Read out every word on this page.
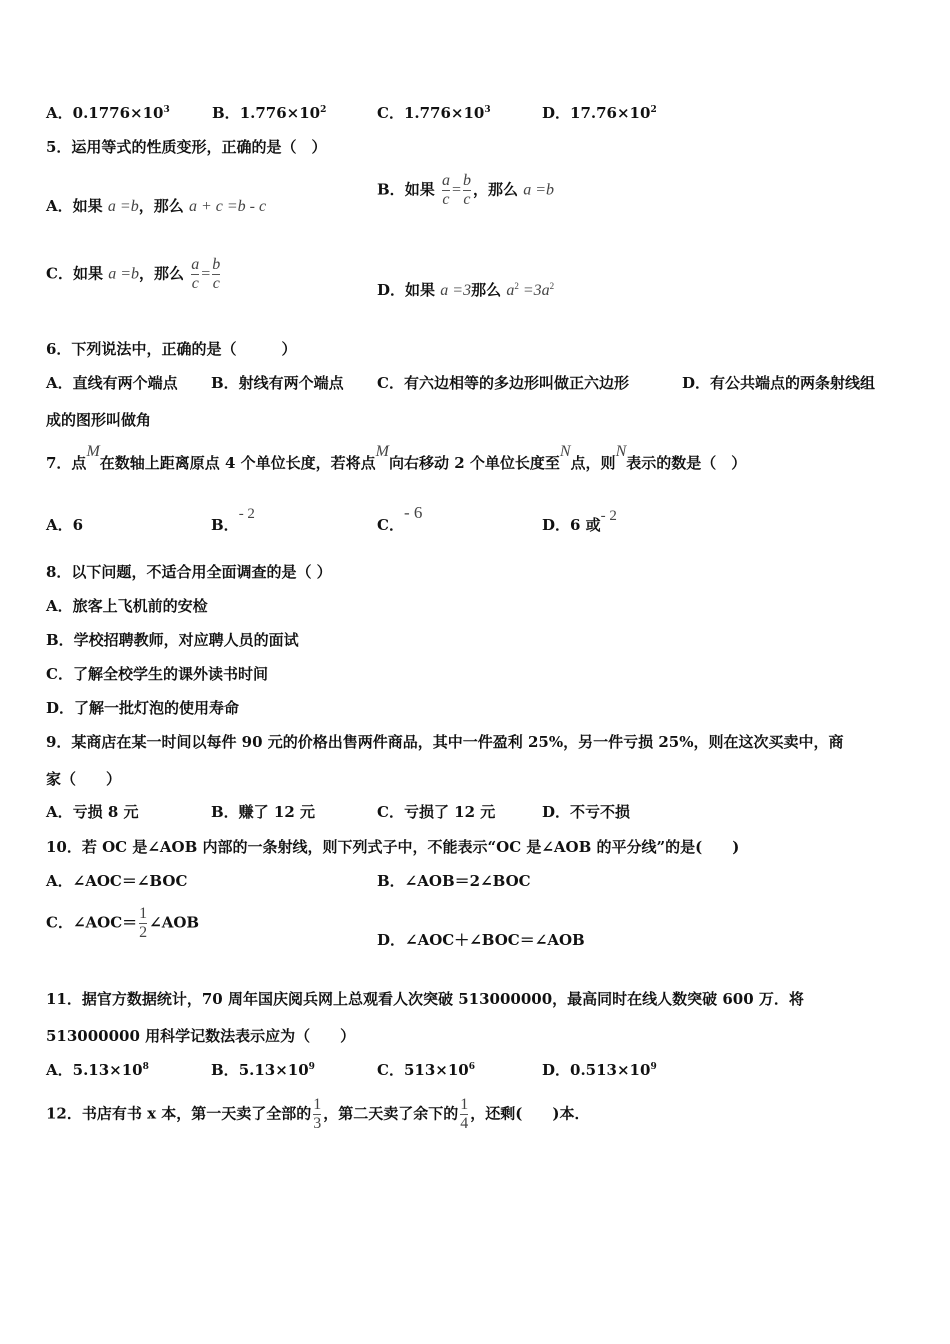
A．$0.1776\times 10^3$	B．$1.776\times 10^2$	C．$1.776\times 10^3$	D．$17.76\times 10^2$
5．运用等式的性质变形，正确的是（　）
A．如果 a =b，那么 a + c =b - c
B．如果 $\frac{a}{c} = \frac{b}{c}$ ，那么 a =b
C．如果 a =b，那么 $\frac{a}{c} = \frac{b}{c}$	D．如果 a =3那么 $a^2 =3a^2$
6．下列说法中，正确的是（　　　）
A．直线有两个端点 B．射线有两个端点 C．有六边相等的多边形叫做正六边形	D．有公共端点的两条射线组
成的图形叫做角
7．点M在数轴上距离原点 4 个单位长度，若将点M向右移动 2 个单位长度至N点，则N表示的数是（　）
A．6	B．- 2
C．- 6
D．6 或- 2
8．以下问题，不适合用全面调查的是（ ）
A．旅客上飞机前的安检
B．学校招聘教师，对应聘人员的面试
C．了解全校学生的课外读书时间
D．了解一批灯泡的使用寿命
9．某商店在某一时间以每件 90 元的价格出售两件商品，其中一件盈利 25%，另一件亏损 25%，则在这次买卖中，商
家（　　）
A．亏损 8 元	B．赚了 12 元	C．亏损了 12 元	D．不亏不损
10．若 OC 是∠AOB 内部的一条射线，则下列式子中，不能表示“OC 是∠AOB 的平分线”的是(　　)
A．∠AOC＝∠BOC	B．∠AOB＝2∠BOC
C．∠AOC＝ $\frac{1}{2}$ ∠AOB
D．∠AOC＋∠BOC＝∠AOB
11．据官方数据统计，70 周年国庆阅兵网上总观看人次突破 513000000，最高同时在线人数突破 600 万．将
513000000 用科学记数法表示应为（　　）
A．$5.13\times 10^8$	B．$5.13\times 10^9$	C．$513\times 10^6$	D．$0.513\times 10^9$
12．书店有书 x 本，第一天卖了全部的 $\frac{1}{3}$ ，第二天卖了余下的 $\frac{1}{4}$ ，还剩(　　)本．
